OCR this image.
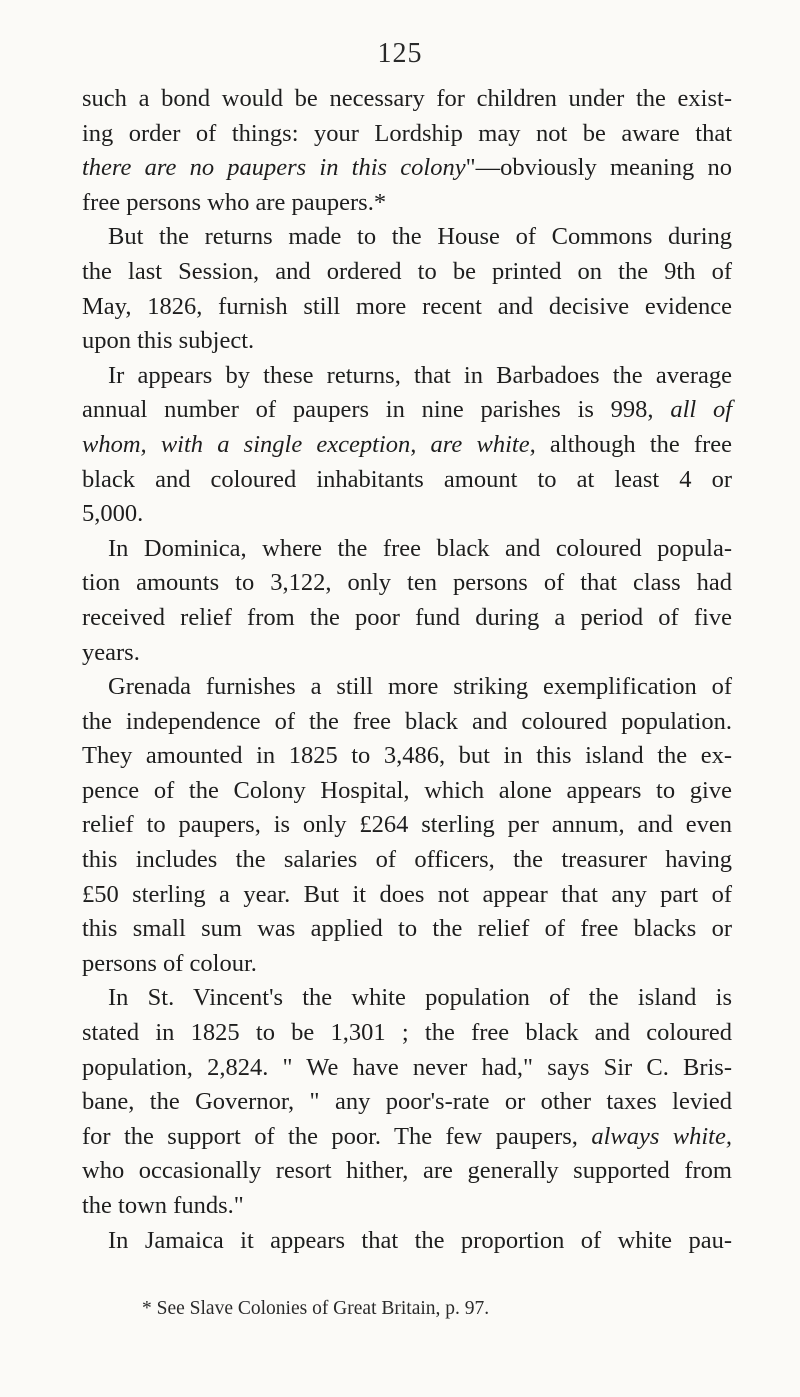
125
such a bond would be necessary for children under the exist-
ing order of things: your Lordship may not be aware that
there are no paupers in this colony"—obviously meaning no
free persons who are paupers.*
But the returns made to the House of Commons during
the last Session, and ordered to be printed on the 9th of
May, 1826, furnish still more recent and decisive evidence
upon this subject.
Ir appears by these returns, that in Barbadoes the average
annual number of paupers in nine parishes is 998, all of
whom, with a single exception, are white, although the free
black and coloured inhabitants amount to at least 4 or
5,000.
In Dominica, where the free black and coloured popula-
tion amounts to 3,122, only ten persons of that class had
received relief from the poor fund during a period of five
years.
Grenada furnishes a still more striking exemplification of
the independence of the free black and coloured population.
They amounted in 1825 to 3,486, but in this island the ex-
pence of the Colony Hospital, which alone appears to give
relief to paupers, is only £264 sterling per annum, and even
this includes the salaries of officers, the treasurer having
£50 sterling a year. But it does not appear that any part of
this small sum was applied to the relief of free blacks or
persons of colour.
In St. Vincent's the white population of the island is
stated in 1825 to be 1,301 ; the free black and coloured
population, 2,824. " We have never had," says Sir C. Bris-
bane, the Governor, " any poor's-rate or other taxes levied
for the support of the poor. The few paupers, always white,
who occasionally resort hither, are generally supported from
the town funds."
In Jamaica it appears that the proportion of white pau-
* See Slave Colonies of Great Britain, p. 97.
